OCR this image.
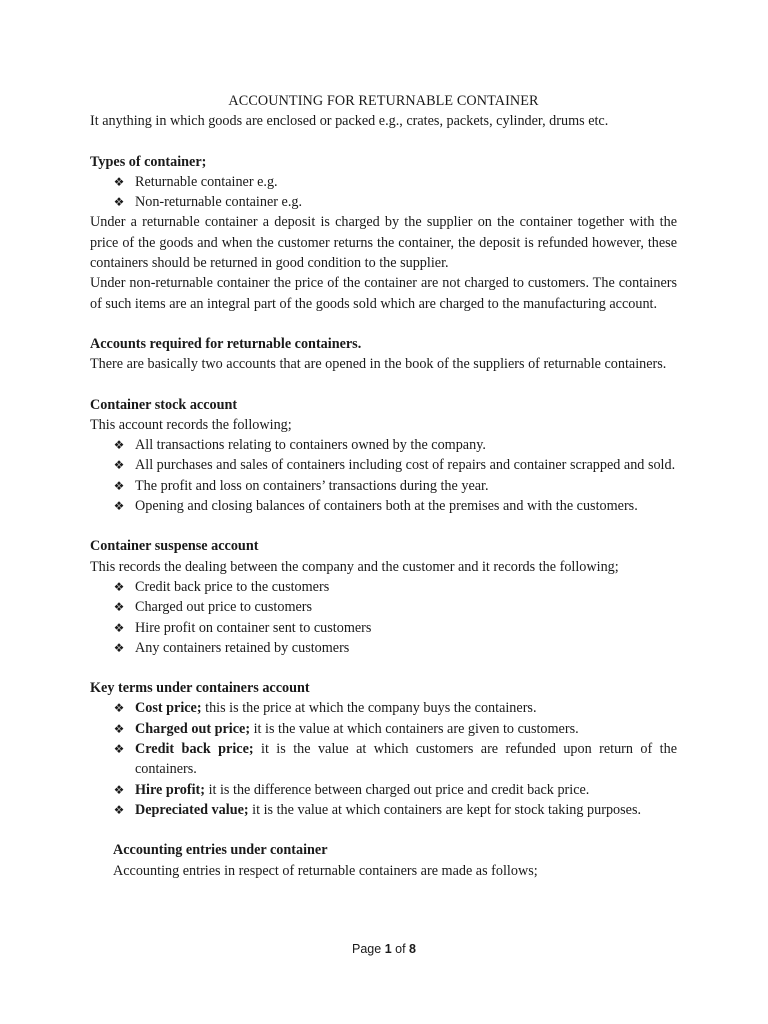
ACCOUNTING FOR RETURNABLE CONTAINER

It anything in which goods are enclosed or packed e.g., crates, packets, cylinder, drums etc.

Types of container;

❖ Returnable container e.g.
❖ Non-returnable container e.g.

Under a returnable container a deposit is charged by the supplier on the container together with the price of the goods and when the customer returns the container, the deposit is refunded however, these containers should be returned in good condition to the supplier.

Under non-returnable container the price of the container are not charged to customers. The containers of such items are an integral part of the goods sold which are charged to the manufacturing account.

Accounts required for returnable containers.

There are basically two accounts that are opened in the book of the suppliers of returnable containers.

Container stock account

This account records the following;

❖ All transactions relating to containers owned by the company.
❖ All purchases and sales of containers including cost of repairs and container scrapped and sold.
❖ The profit and loss on containers’ transactions during the year.
❖ Opening and closing balances of containers both at the premises and with the customers.

Container suspense account

This records the dealing between the company and the customer and it records the following;

❖ Credit back price to the customers
❖ Charged out price to customers
❖ Hire profit on container sent to customers
❖ Any containers retained by customers

Key terms under containers account

❖ Cost price; this is the price at which the company buys the containers.
❖ Charged out price; it is the value at which containers are given to customers.
❖ Credit back price; it is the value at which customers are refunded upon return of the containers.
❖ Hire profit; it is the difference between charged out price and credit back price.
❖ Depreciated value; it is the value at which containers are kept for stock taking purposes.

Accounting entries under container

Accounting entries in respect of returnable containers are made as follows;

Page 1 of 8
